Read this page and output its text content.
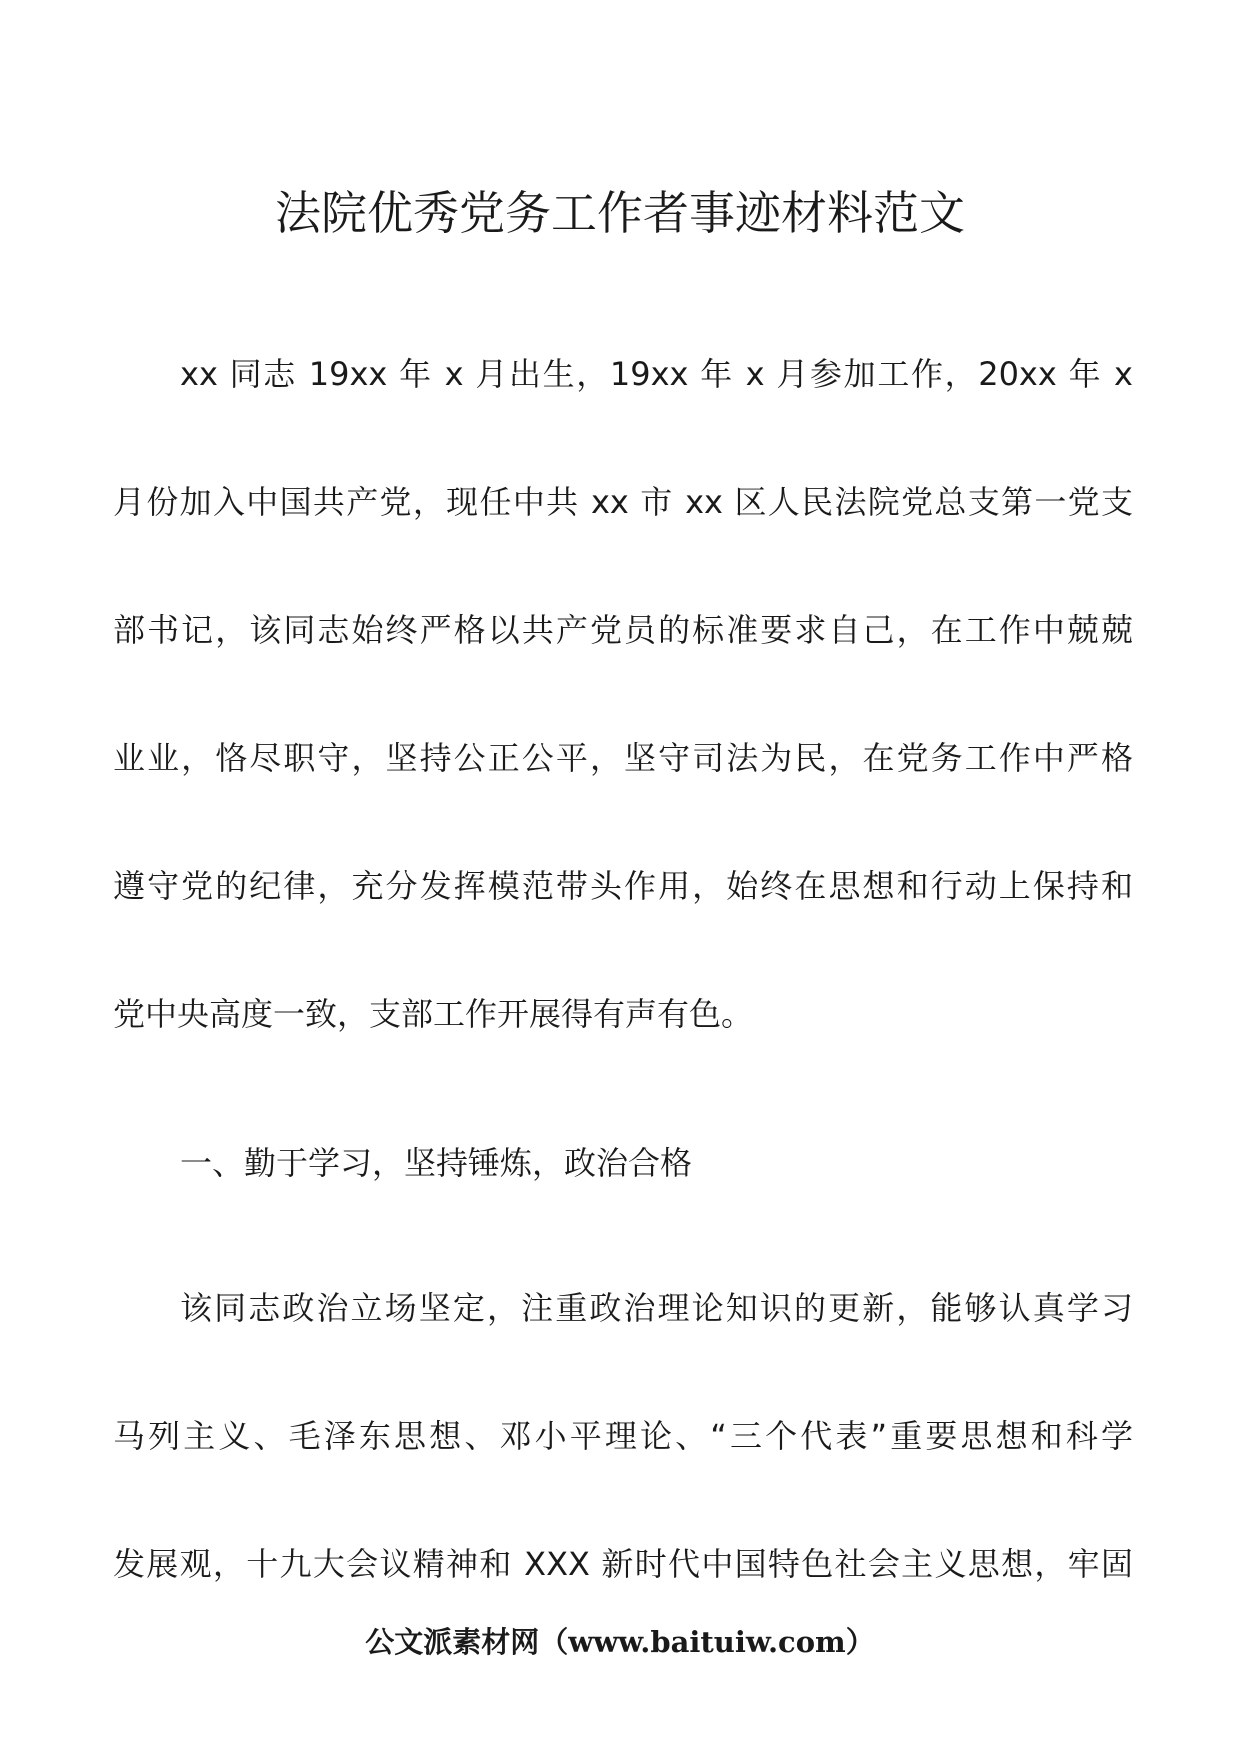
法院优秀党务工作者事迹材料范文

xx 同志 19xx 年 x 月出生，19xx 年 x 月参加工作，20xx 年 x

月份加入中国共产党，现任中共 xx 市 xx 区人民法院党总支第一党支

部书记，该同志始终严格以共产党员的标准要求自己，在工作中兢兢

业业，恪尽职守，坚持公正公平，坚守司法为民，在党务工作中严格

遵守党的纪律，充分发挥模范带头作用，始终在思想和行动上保持和

党中央高度一致，支部工作开展得有声有色。

一、勤于学习，坚持锤炼，政治合格

该同志政治立场坚定，注重政治理论知识的更新，能够认真学习

马列主义、毛泽东思想、邓小平理论、“三个代表”重要思想和科学

发展观，十九大会议精神和 XXX 新时代中国特色社会主义思想，牢固

公文派素材网（www.baituiw.com）
